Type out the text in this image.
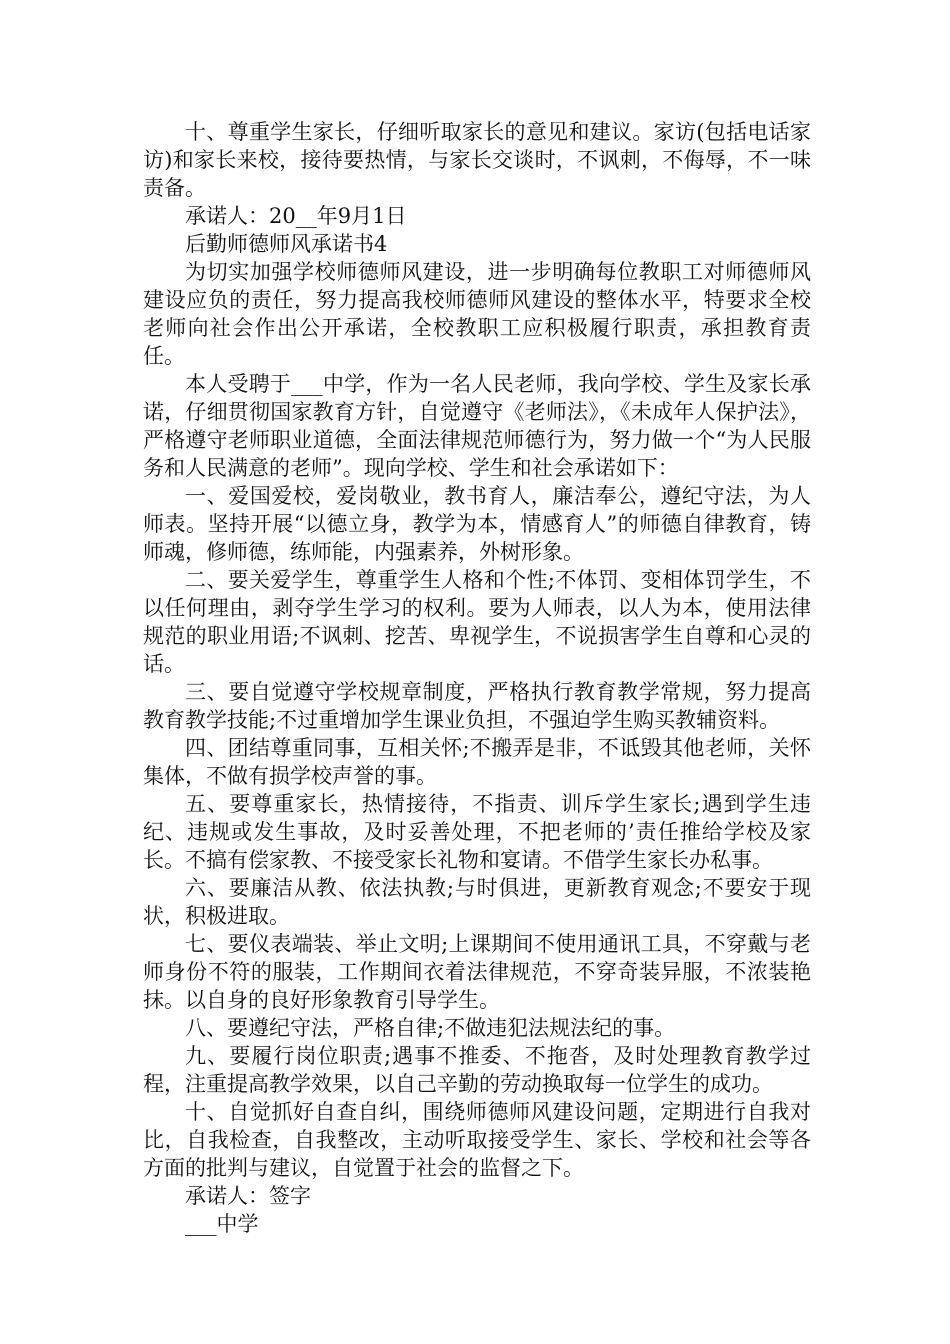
十、尊重学生家长，仔细听取家长的意见和建议。家访(包括电话家访)和家长来校，接待要热情，与家长交谈时，不讽刺，不侮辱，不一味责备。

承诺人：20__年9月1日

后勤师德师风承诺书4

为切实加强学校师德师风建设，进一步明确每位教职工对师德师风建设应负的责任，努力提高我校师德师风建设的整体水平，特要求全校老师向社会作出公开承诺，全校教职工应积极履行职责，承担教育责任。

本人受聘于___中学，作为一名人民老师，我向学校、学生及家长承诺，仔细贯彻国家教育方针，自觉遵守《老师法》，《未成年人保护法》，严格遵守老师职业道德，全面法律规范师德行为，努力做一个“为人民服务和人民满意的老师”。现向学校、学生和社会承诺如下：

一、爱国爱校，爱岗敬业，教书育人，廉洁奉公，遵纪守法，为人师表。坚持开展“以德立身，教学为本，情感育人”的师德自律教育，铸师魂，修师德，练师能，内强素养，外树形象。

二、要关爱学生，尊重学生人格和个性;不体罚、变相体罚学生，不以任何理由，剥夺学生学习的权利。要为人师表，以人为本，使用法律规范的职业用语;不讽刺、挖苦、卑视学生，不说损害学生自尊和心灵的话。

三、要自觉遵守学校规章制度，严格执行教育教学常规，努力提高教育教学技能;不过重增加学生课业负担，不强迫学生购买教辅资料。

四、团结尊重同事，互相关怀;不搬弄是非，不诋毁其他老师，关怀集体，不做有损学校声誉的事。

五、要尊重家长，热情接待，不指责、训斥学生家长;遇到学生违纪、违规或发生事故，及时妥善处理，不把老师的’责任推给学校及家长。不搞有偿家教、不接受家长礼物和宴请。不借学生家长办私事。

六、要廉洁从教、依法执教;与时俱进，更新教育观念;不要安于现状，积极进取。

七、要仪表端装、举止文明;上课期间不使用通讯工具，不穿戴与老师身份不符的服装，工作期间衣着法律规范，不穿奇装异服，不浓装艳抹。以自身的良好形象教育引导学生。

八、要遵纪守法，严格自律;不做违犯法规法纪的事。

九、要履行岗位职责;遇事不推委、不拖沓，及时处理教育教学过程，注重提高教学效果，以自己辛勤的劳动换取每一位学生的成功。

十、自觉抓好自查自纠，围绕师德师风建设问题，定期进行自我对比，自我检查，自我整改，主动听取接受学生、家长、学校和社会等各方面的批判与建议，自觉置于社会的监督之下。

承诺人：签字

___中学
